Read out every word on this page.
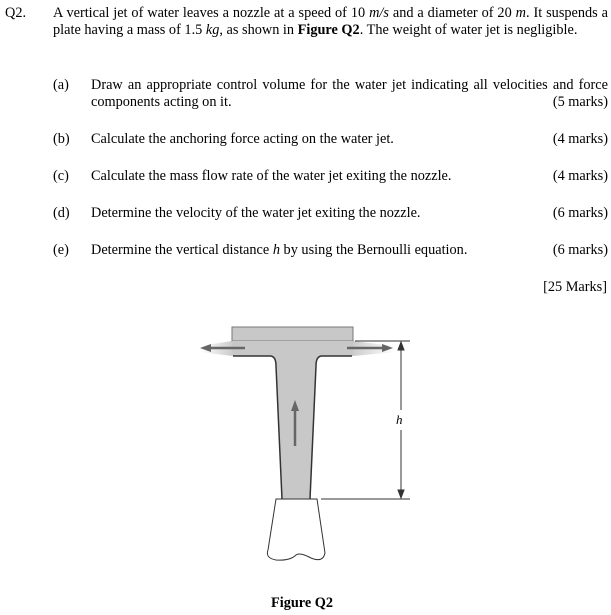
Q2. A vertical jet of water leaves a nozzle at a speed of 10 m/s and a diameter of 20 m. It suspends a plate having a mass of 1.5 kg, as shown in Figure Q2. The weight of water jet is negligible.
(a) Draw an appropriate control volume for the water jet indicating all velocities and force components acting on it.	(5 marks)
(b) Calculate the anchoring force acting on the water jet.	(4 marks)
(c) Calculate the mass flow rate of the water jet exiting the nozzle.	(4 marks)
(d) Determine the velocity of the water jet exiting the nozzle.	(6 marks)
(e) Determine the vertical distance h by using the Bernoulli equation.	(6 marks)
[25 Marks]
h
Figure Q2
